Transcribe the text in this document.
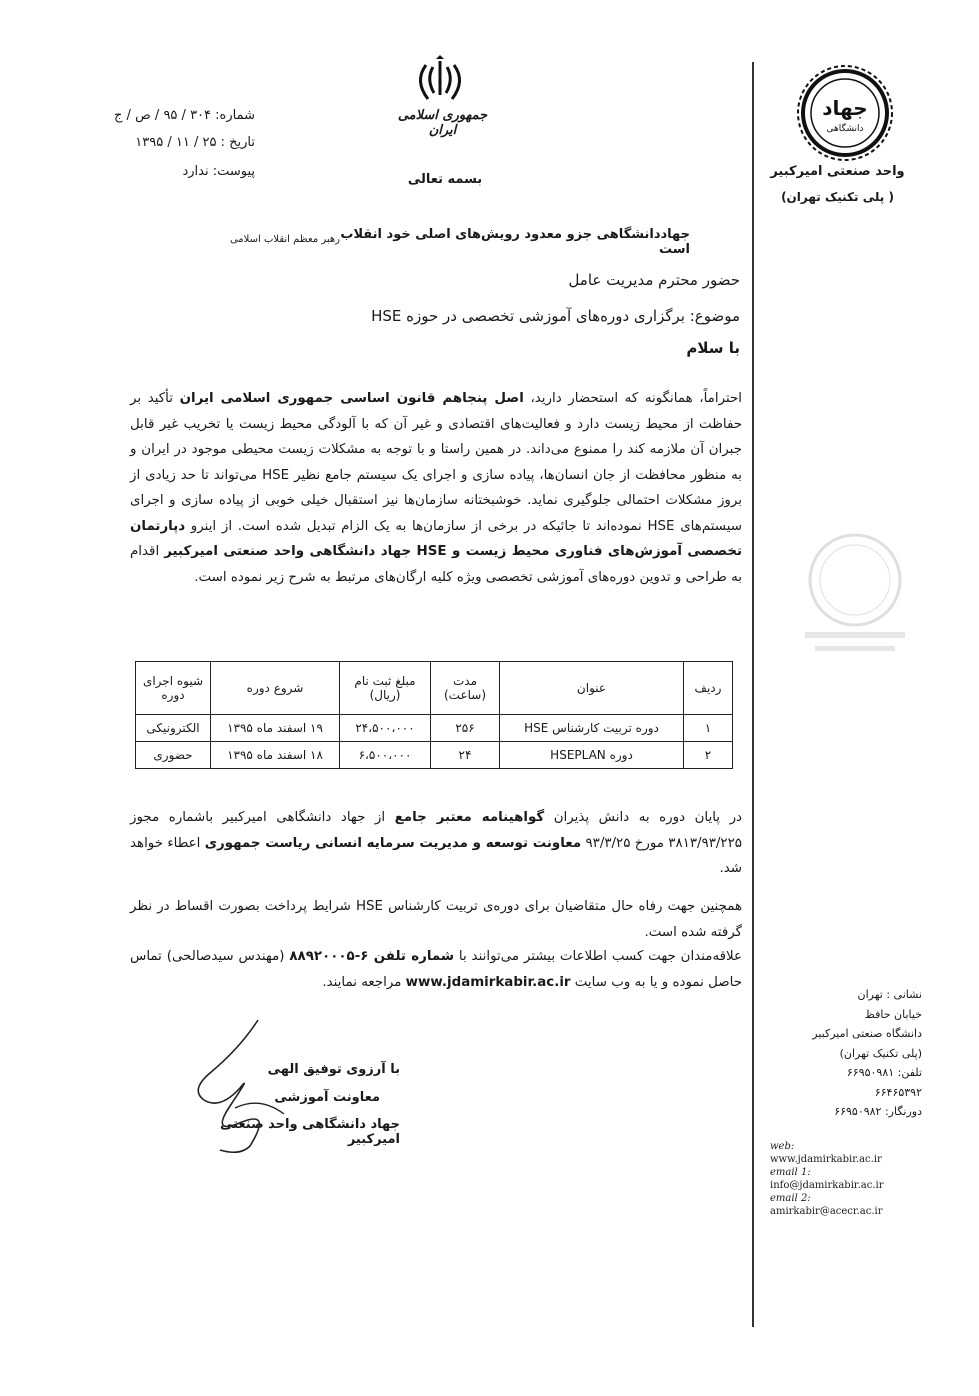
جمهوری اسلامی ایران
بسمه تعالی
شماره: ۳۰۴ / ۹۵ / ص / ج
تاریخ : ۲۵ / ۱۱ / ۱۳۹۵
پیوست: ندارد
جهاددانشگاهی جزو معدود رویش‌های اصلی خود انقلاب است
رهبر معظم انقلاب اسلامی
حضور محترم مدیریت عامل
موضوع: برگزاری دوره‌های آموزشی تخصصی در حوزه HSE
با سلام
احتراماً، همانگونه که استحضار دارید، اصل پنجاهم قانون اساسی جمهوری اسلامی ایران تأکید بر حفاظت از محیط زیست دارد و فعالیت‌های اقتصادی و غیر آن که با آلودگی محیط زیست یا تخریب غیر قابل جبران آن ملازمه کند را ممنوع می‌داند. در همین راستا و با توجه به مشکلات زیست محیطی موجود در ایران و به منظور محافظت از جان انسان‌ها، پیاده سازی و اجرای یک سیستم جامع نظیر HSE می‌تواند تا حد زیادی از بروز مشکلات احتمالی جلوگیری نماید. خوشبختانه سازمان‌ها نیز استقبال خیلی خوبی از پیاده سازی و اجرای سیستم‌های HSE نموده‌اند تا جائیکه در برخی از سازمان‌ها به یک الزام تبدیل شده است. از اینرو دپارتمان تخصصی آموزش‌های فناوری محیط زیست و HSE جهاد دانشگاهی واحد صنعتی امیرکبیر اقدام به طراحی و تدوین دوره‌های آموزشی تخصصی ویژه کلیه ارگان‌های مرتبط به شرح زیر نموده است.
ردیف	عنوان	مدت (ساعت)	مبلغ ثبت نام (ریال)	شروع دوره	شیوه اجرای دوره
۱	دوره تربیت کارشناس HSE	۲۵۶	۲۴،۵۰۰،۰۰۰	۱۹ اسفند ماه ۱۳۹۵	الکترونیکی
۲	دوره HSEPLAN	۲۴	۶،۵۰۰،۰۰۰	۱۸ اسفند ماه ۱۳۹۵	حضوری
در پایان دوره به دانش پذیران گواهینامه معتبر جامع از جهاد دانشگاهی امیرکبیر باشماره مجوز ۳۸۱۳/۹۳/۲۲۵ مورخ ۹۳/۳/۲۵ معاونت توسعه و مدیریت سرمایه انسانی ریاست جمهوری اعطاء خواهد شد.
همچنین جهت رفاه حال متقاضیان برای دوره‌ی تربیت کارشناس HSE شرایط پرداخت بصورت اقساط در نظر گرفته شده است.
علاقه‌مندان جهت کسب اطلاعات بیشتر می‌توانند با شماره تلفن ۶-۸۸۹۲۰۰۰۵ (مهندس سیدصالحی) تماس حاصل نموده و یا به وب سایت www.jdamirkabir.ac.ir مراجعه نمایند.
با آرزوی توفیق الهی
معاونت آموزشی
جهاد دانشگاهی واحد صنعتی امیرکبیر
جهاد
دانشگاهی
واحد صنعتی امیرکبیر
( پلی تکنیک تهران)
نشانی : تهران
خیابان حافظ
دانشگاه صنعتی امیرکبیر
(پلی تکنیک تهران)
تلفن: ۶۶۹۵۰۹۸۱
۶۶۴۶۵۳۹۲
دورنگار: ۶۶۹۵۰۹۸۲
web:
www.jdamirkabir.ac.ir
email 1:
info@jdamirkabir.ac.ir
email 2:
amirkabir@acecr.ac.ir
